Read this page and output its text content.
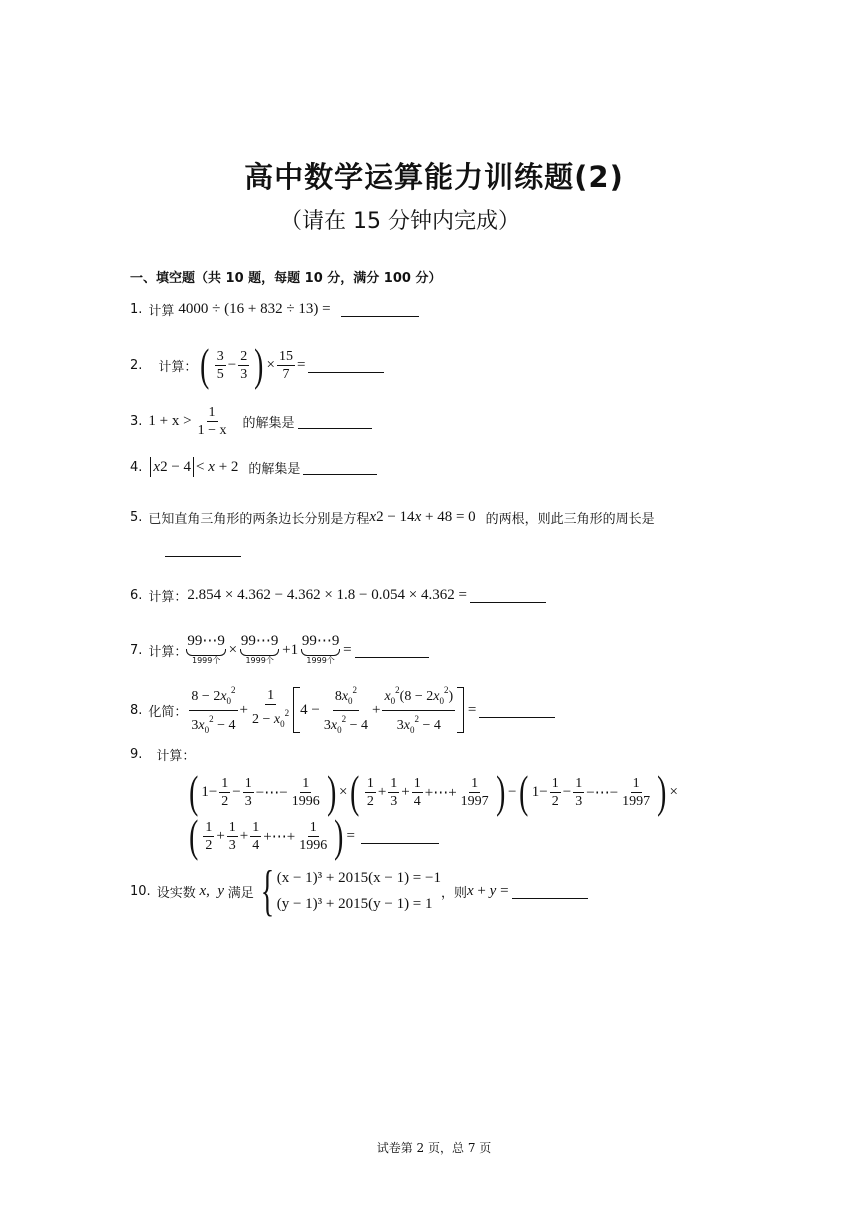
高中数学运算能力训练题(2)
（请在 15 分钟内完成）
一、填空题（共 10 题，每题 10 分，满分 100 分）
1. 计算 4000 ÷ (16 + 832 ÷ 13) =
2. 计算： ( $\frac{3}{5} - \frac{2}{3}$ ) × $\frac{15}{7}$ =
3. $1 + x > \frac{1}{1 - x}$ 的解集是
4. x 2 − 4 < x + 2 的解集是
5. 已知直角三角形的两条边长分别是方程 x 2 − 14 x + 48 = 0 的两根，则此三角形的周长是
6. 计算： 2.854 × 4.362 − 4.362 × 1.8 − 0.054 × 4.362 =
7. 计算：
99⋯9
1999个
×
99⋯9
1999个
+1
99⋯9
1999个
=
8. 化简： $\frac{8 - 2x_0^2}{3x_0^2 - 4} + \frac{1}{2 - x_0^2} 4 - \frac{8x_0^2}{3x_0^2 - 4} + \frac{x_0^2(8 - 2x_0^2)}{3x_0^2 - 4}$ =
9. 计算：
( $1- \frac{1}{2} - \frac{1}{3}$ −⋯− $\frac{1}{1996}$ ) × ( $\frac{1}{2} + \frac{1}{3} + \frac{1}{4}$ +⋯+ $\frac{1}{1997}$ ) − ( $1- \frac{1}{2} - \frac{1}{3}$ −⋯− $\frac{1}{1997}$ ) ×
( $\frac{1}{2} + \frac{1}{3} + \frac{1}{4}$ +⋯+ $\frac{1}{1996}$ ) =
10. 设实数 x , y 满足 { (x − 1)³ + 2015(x − 1) = −1
(y − 1)³ + 2015(y − 1) = 1
，则 x + y =
试卷第 2 页，总 7 页
